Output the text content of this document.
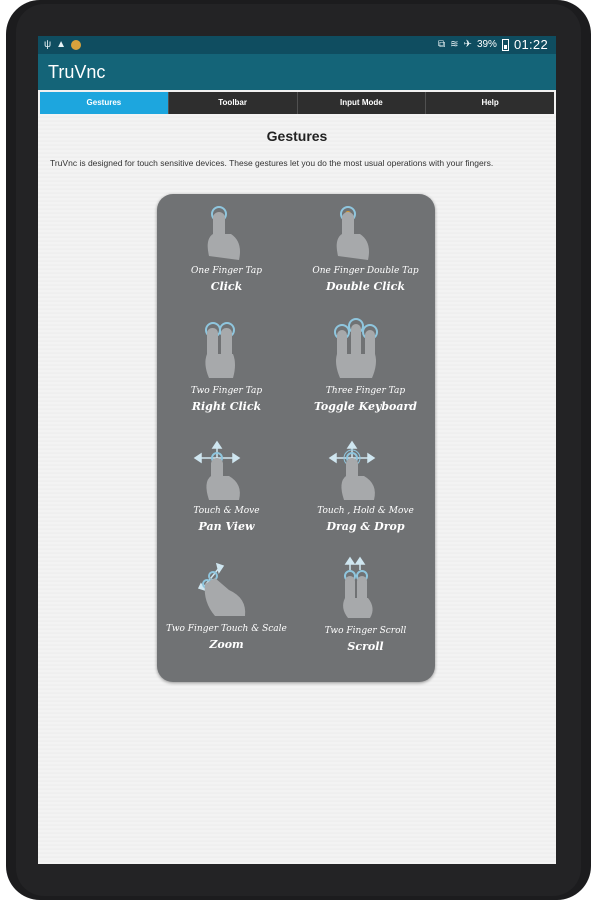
ψ ▲	⧉ ≋ ✈ 39% 01:22
TruVnc
Gestures	Toolbar	Input Mode	Help
Gestures
TruVnc is designed for touch sensitive devices. These gestures let you do the most usual operations with your fingers.
One Finger Tap
Click
One Finger Double Tap
Double Click
Two Finger Tap
Right Click
Three Finger Tap
Toggle Keyboard
Touch & Move
Pan View
Touch , Hold & Move
Drag & Drop
Two Finger Touch & Scale
Zoom
Two Finger Scroll
Scroll
